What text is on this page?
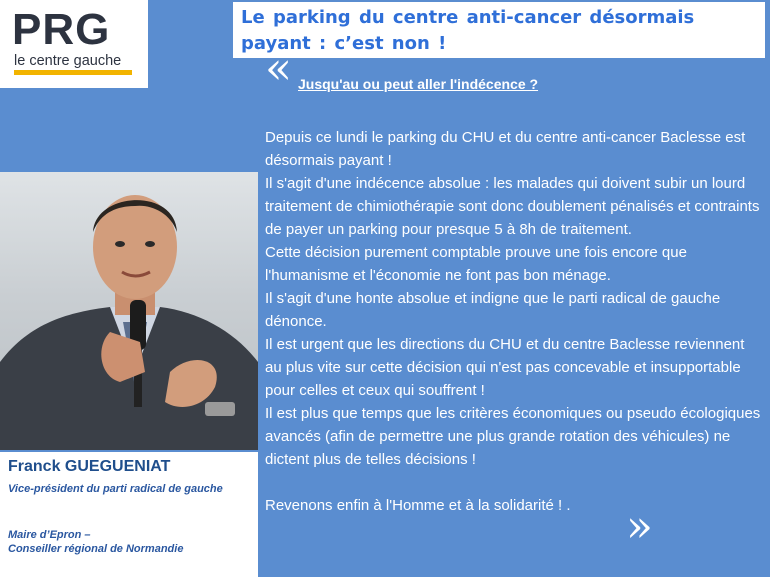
PRG
le centre gauche
Le parking du centre anti-cancer désormais
payant : c’est non !
« Jusqu'au ou peut aller l'indécence ?

Depuis ce lundi le parking du CHU et du centre anti-cancer Baclesse est désormais payant !

Il s'agit d'une indécence absolue : les malades qui doivent subir un lourd traitement de chimiothérapie sont donc doublement pénalisés et contraints de payer un parking pour presque 5 à 8h de traitement.

Cette décision purement comptable prouve une fois encore que l'humanisme et l'économie ne font pas bon ménage.

Il s'agit d'une honte absolue et indigne que le parti radical de gauche dénonce.

Il est urgent que les directions du CHU et du centre Baclesse reviennent au plus vite sur cette décision qui n'est pas concevable et insupportable pour celles et ceux qui souffrent !

Il est plus que temps que les critères économiques ou pseudo écologiques avancés (afin de permettre une plus grande rotation des véhicules) ne dictent plus de telles décisions !

Revenons enfin à l'Homme et à la solidarité ! .	»
Franck GUEGUENIAT
Vice-président du parti radical de gauche
Maire d’Epron –
Conseiller régional de Normandie
